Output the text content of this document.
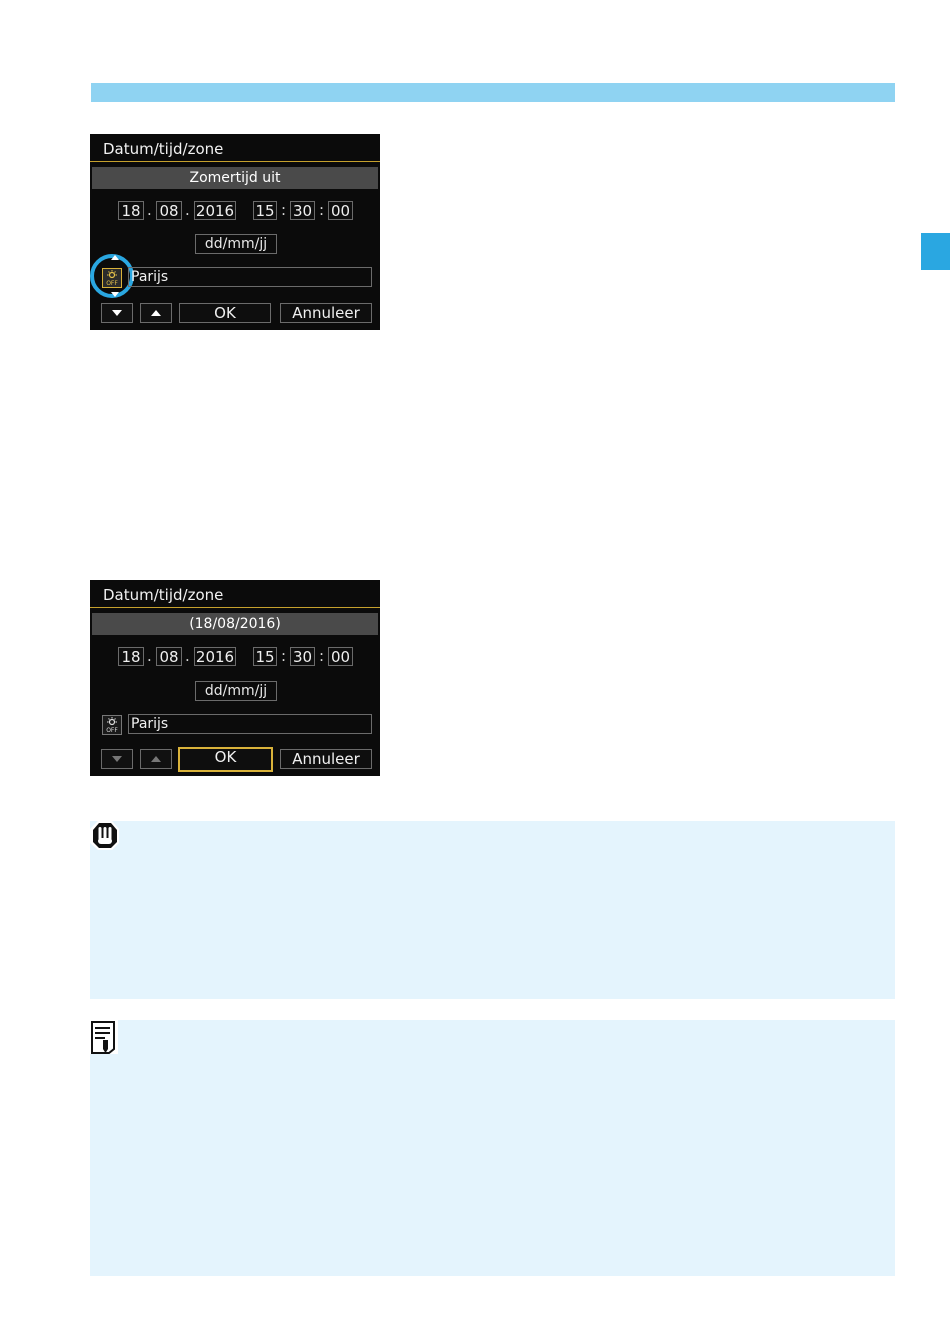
Datum/tijd/zone
Zomertijd uit
18 . 08 . 2016 15 : 30 : 00
dd/mm/jj
OFF Parijs
OK	Annuleer
Datum/tijd/zone
(18/08/2016)
18 . 08 . 2016 15 : 30 : 00
dd/mm/jj
OFF Parijs
OK	Annuleer
